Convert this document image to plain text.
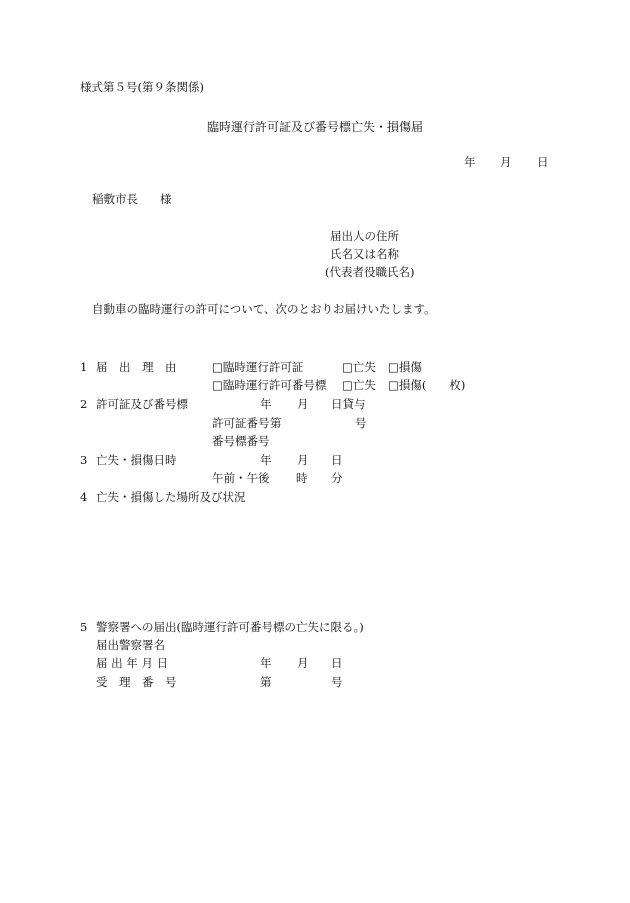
様式第５号(第９条関係)
臨時運行許可証及び番号標亡失・損傷届
年 月 日
稲敷市長 様
届出人の住所
氏名又は名称
(代表者役職氏名)
自動車の臨時運行の許可について、次のとおりお届けいたします。
1 届　出　理　由	□臨時運行許可証	□亡失 □損傷
□臨時運行許可番号標 □亡失 □損傷(　　枚)
2 許可証及び番号標	年 月 日貸与
許可証番号 第	号
番号標番号
3 亡失・損傷日時	年 月 日
午前・午後 時 分
4 亡失・損傷した場所及び状況
5 警察署への届出(臨時運行許可番号標の亡失に限る。)
届出警察署名
届 出 年 月 日	年 月 日
受　理　番　号	第	号
